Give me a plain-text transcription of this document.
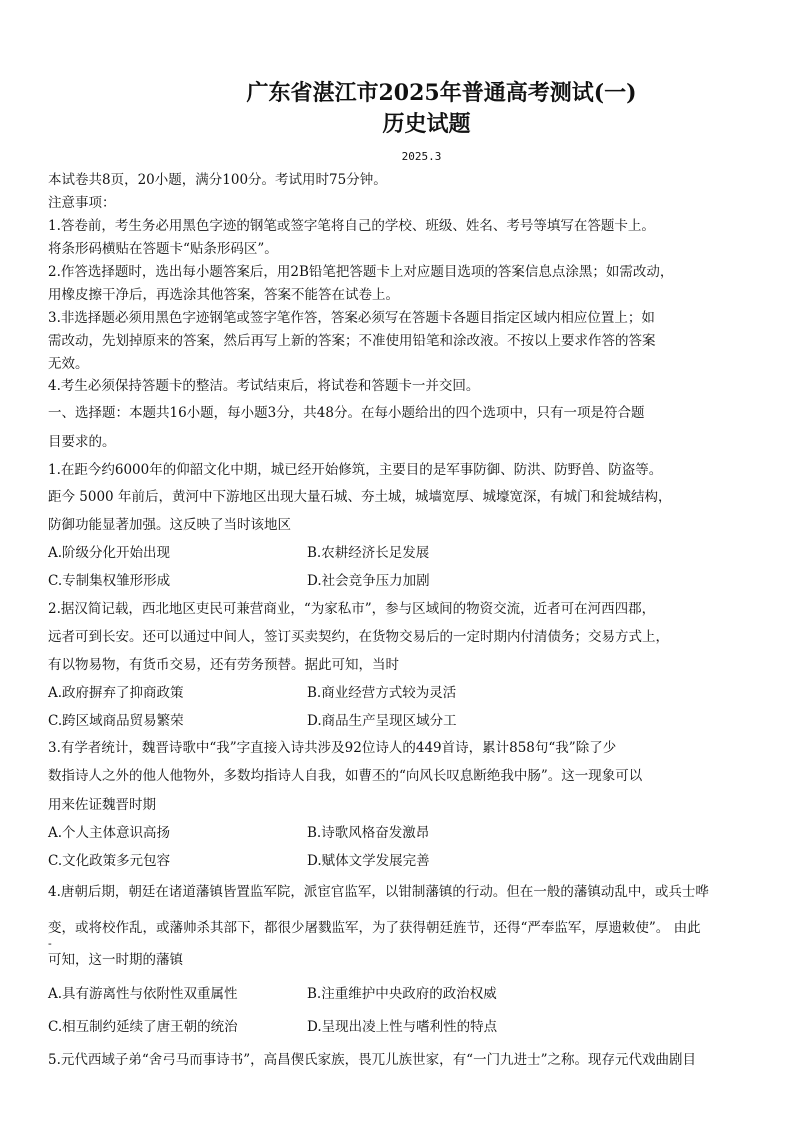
广东省湛江市2025年普通高考测试(一)
历史试题
2025.3
本试卷共8页，20小题，满分100分。考试用时75分钟。
注意事项：
1.答卷前，考生务必用黑色字迹的钢笔或签字笔将自己的学校、班级、姓名、考号等填写在答题卡上。
将条形码横贴在答题卡“贴条形码区”。
2.作答选择题时，选出每小题答案后，用2B铅笔把答题卡上对应题目选项的答案信息点涂黑；如需改动，
用橡皮擦干净后，再选涂其他答案，答案不能答在试卷上。
3.非选择题必须用黑色字迹钢笔或签字笔作答，答案必须写在答题卡各题目指定区域内相应位置上；如
需改动，先划掉原来的答案，然后再写上新的答案；不准使用铅笔和涂改液。不按以上要求作答的答案
无效。
4.考生必须保持答题卡的整洁。考试结束后，将试卷和答题卡一并交回。
一、选择题：本题共16小题，每小题3分，共48分。在每小题给出的四个选项中，只有一项是符合题
目要求的。
1.在距今约6000年的仰韶文化中期，城已经开始修筑，主要目的是军事防御、防洪、防野兽、防盗等。
距今 5000 年前后，黄河中下游地区出现大量石城、夯土城，城墙宽厚、城壕宽深，有城门和瓮城结构，
防御功能显著加强。这反映了当时该地区
A.阶级分化开始出现	B.农耕经济长足发展
C.专制集权雏形形成	D.社会竞争压力加剧
2.据汉简记载，西北地区吏民可兼营商业，“为家私市”，参与区域间的物资交流，近者可在河西四郡，
远者可到长安。还可以通过中间人，签订买卖契约，在货物交易后的一定时期内付清债务；交易方式上，
有以物易物，有货币交易，还有劳务预替。据此可知，当时
A.政府摒弃了抑商政策	B.商业经营方式较为灵活
C.跨区域商品贸易繁荣	D.商品生产呈现区域分工
3.有学者统计，魏晋诗歌中“我”字直接入诗共涉及92位诗人的449首诗，累计858句“我”除了少
数指诗人之外的他人他物外，多数均指诗人自我，如曹丕的“向风长叹息断绝我中肠”。这一现象可以
用来佐证魏晋时期
A.个人主体意识高扬	B.诗歌风格奋发激昂
C.文化政策多元包容	D.赋体文学发展完善
4.唐朝后期，朝廷在诸道藩镇皆置监军院，派宦官监军，以钳制藩镇的行动。但在一般的藩镇动乱中，或兵士哗
变，或将校作乱，或藩帅杀其部下，都很少屠戮监军，为了获得朝廷旌节，还得“严奉监军，厚遗敕使”。 由此
-
可知，这一时期的藩镇
A.具有游离性与依附性双重属性	B.注重维护中央政府的政治权威
C.相互制约延续了唐王朝的统治	D.呈现出凌上性与嗜利性的特点
5.元代西域子弟“舍弓马而事诗书”，高昌偰氏家族，畏兀儿族世家，有“一门九进士”之称。现存元代戏曲剧目
